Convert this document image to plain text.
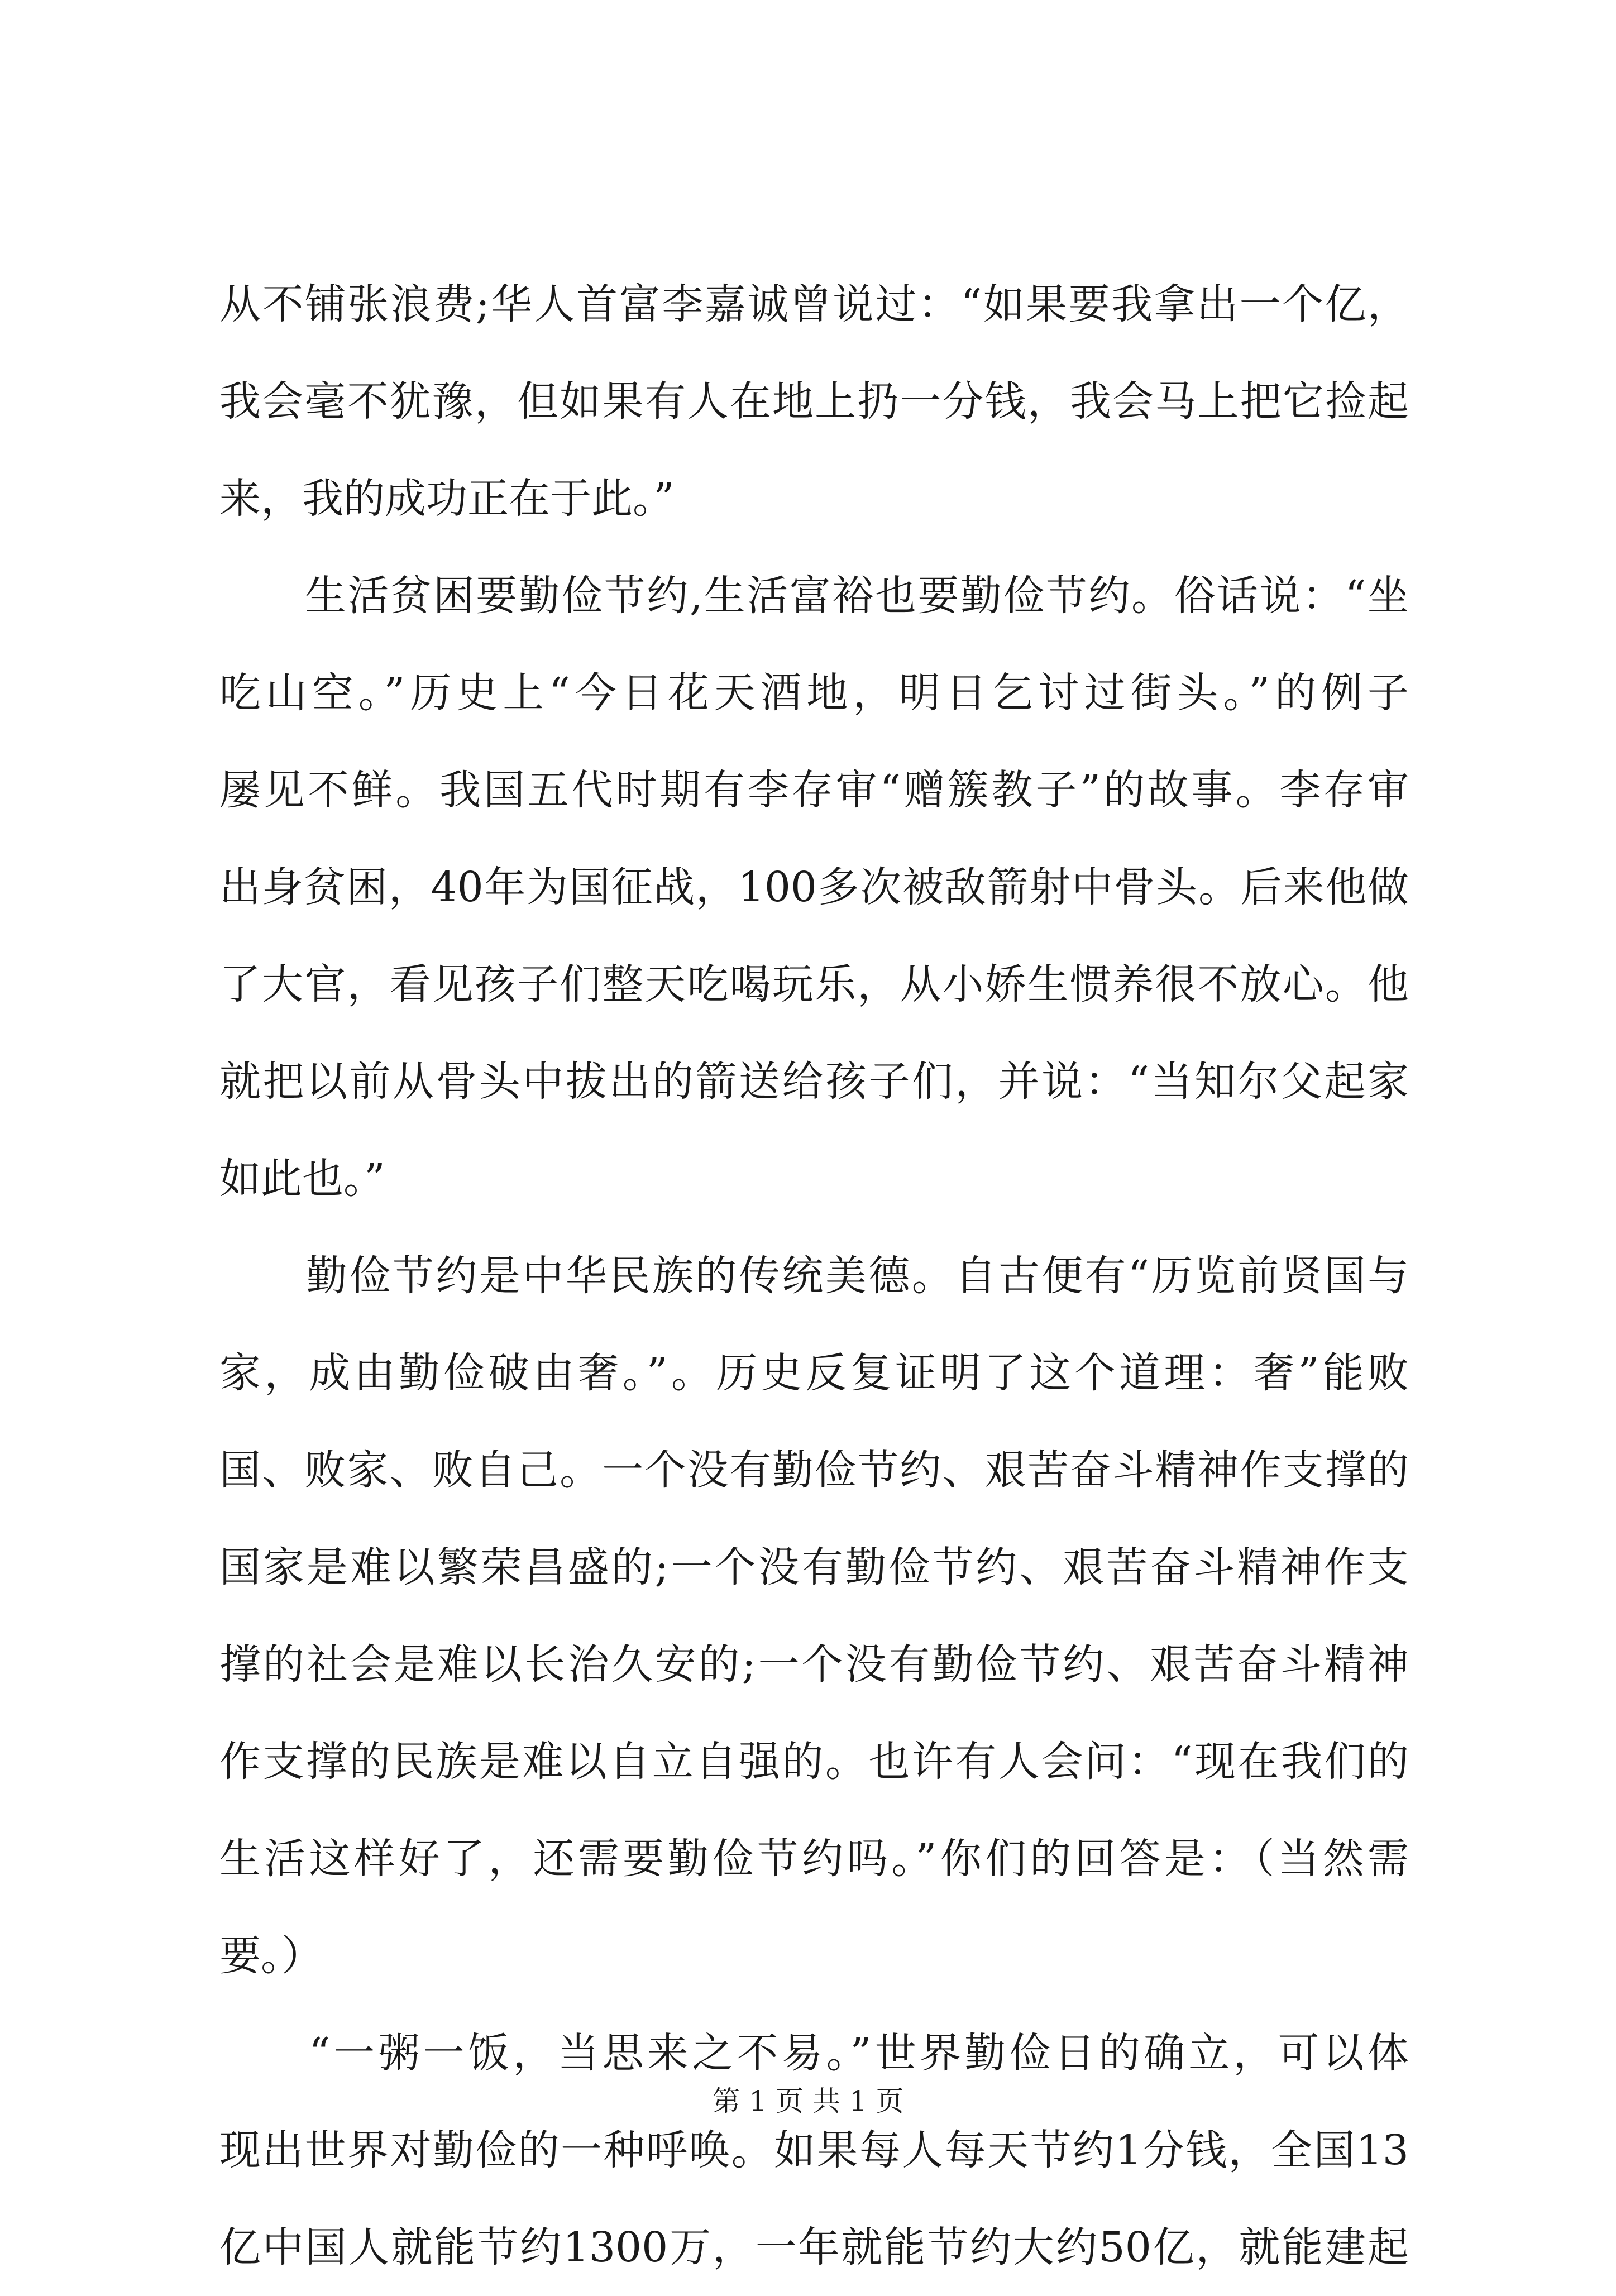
从不铺张浪费;华人首富李嘉诚曾说过：“如果要我拿出一个亿，
我会毫不犹豫，但如果有人在地上扔一分钱，我会马上把它捡起
来，我的成功正在于此。”
　　生活贫困要勤俭节约,生活富裕也要勤俭节约。俗话说：“坐
吃山空。”历史上“今日花天酒地，明日乞讨过街头。”的例子
屡见不鲜。我国五代时期有李存审“赠簇教子”的故事。李存审
出身贫困，40年为国征战，100多次被敌箭射中骨头。后来他做
了大官，看见孩子们整天吃喝玩乐，从小娇生惯养很不放心。他
就把以前从骨头中拔出的箭送给孩子们，并说：“当知尔父起家
如此也。”
　　勤俭节约是中华民族的传统美德。自古便有“历览前贤国与
家，成由勤俭破由奢。”。历史反复证明了这个道理：奢”能败
国、败家、败自己。一个没有勤俭节约、艰苦奋斗精神作支撑的
国家是难以繁荣昌盛的;一个没有勤俭节约、艰苦奋斗精神作支
撑的社会是难以长治久安的;一个没有勤俭节约、艰苦奋斗精神
作支撑的民族是难以自立自强的。也许有人会问：“现在我们的
生活这样好了，还需要勤俭节约吗。”你们的回答是：（当然需
要。）
　　“一粥一饭，当思来之不易。”世界勤俭日的确立，可以体
现出世界对勤俭的一种呼唤。如果每人每天节约1分钱，全国13
亿中国人就能节约1300万，一年就能节约大约50亿，就能建起
第 1 页 共 1 页
